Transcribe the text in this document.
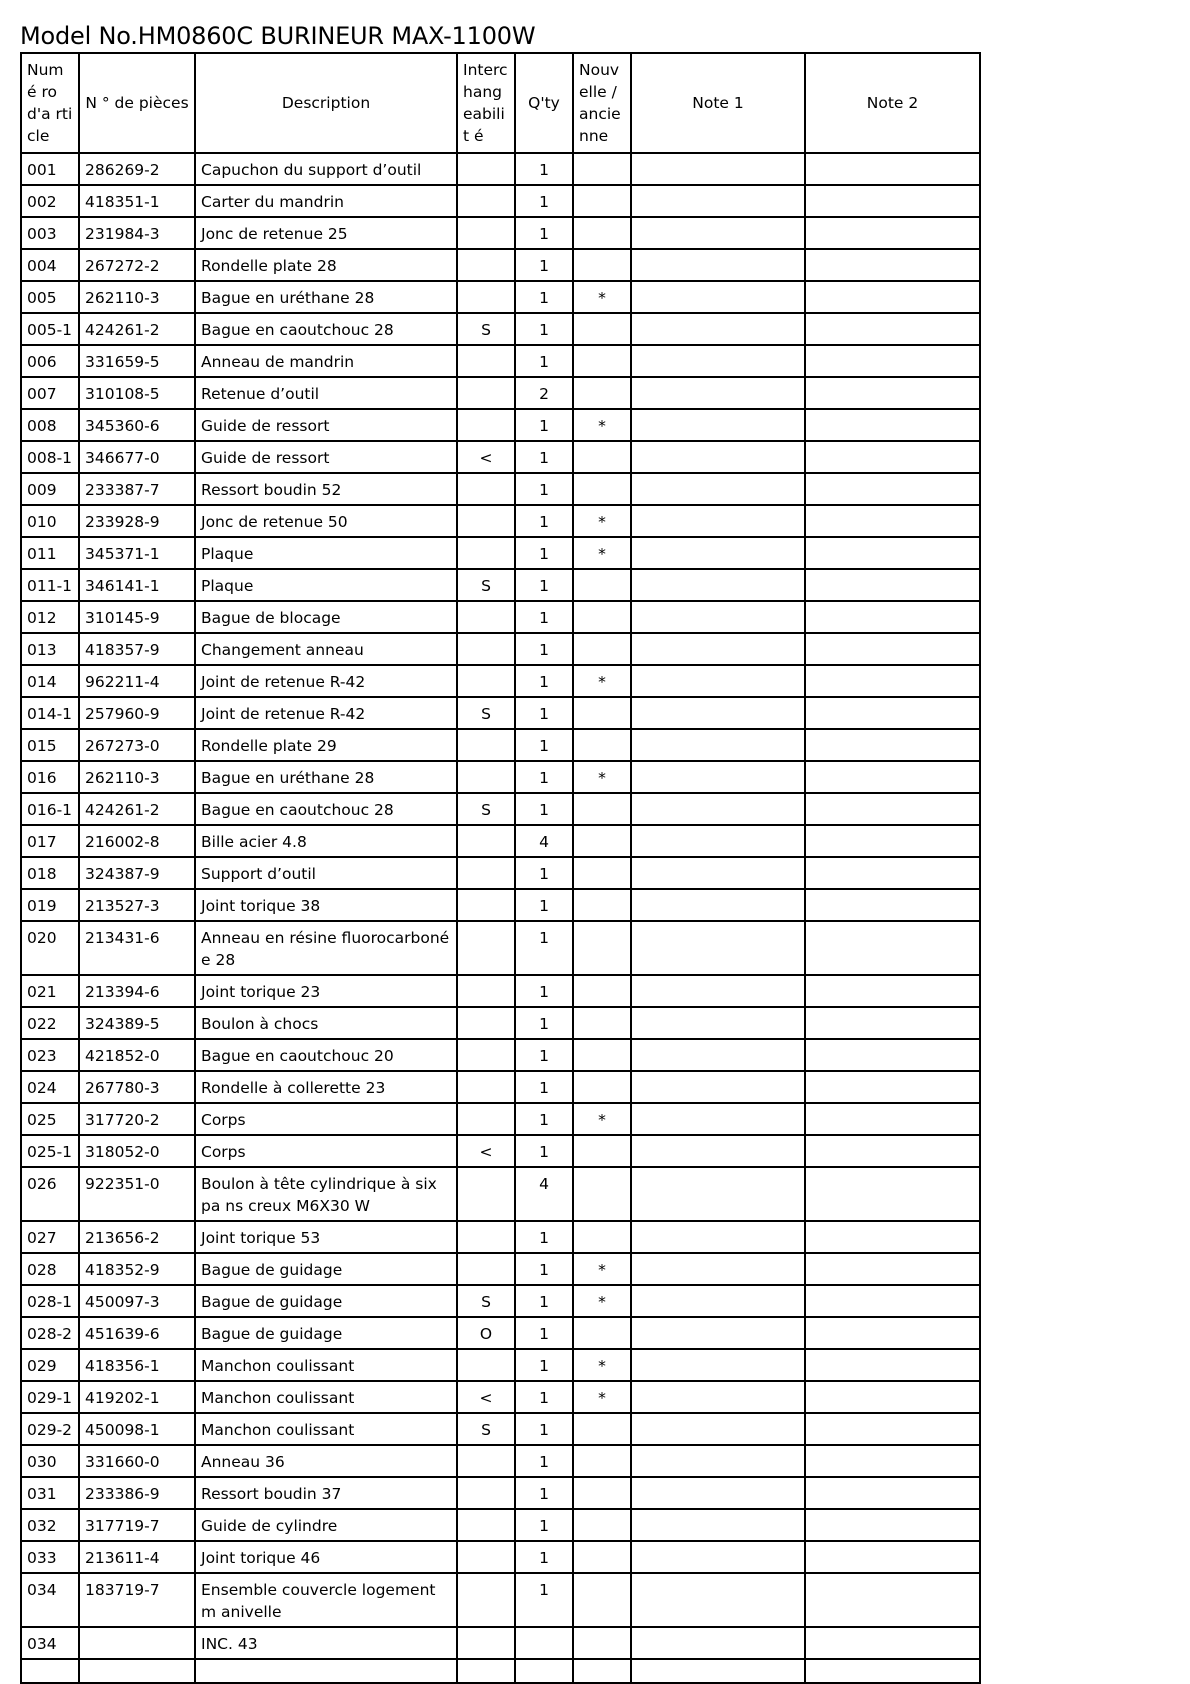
Model No.HM0860C BURINEUR MAX-1100W
Numé ro d'a rticle	N ° de pièces	Description	Interc hang eabilit é	Q'ty	Nouv elle / ancie nne	Note 1	Note 2
001	286269-2	Capuchon du support d’outil		1			
002	418351-1	Carter du mandrin		1			
003	231984-3	Jonc de retenue 25		1			
004	267272-2	Rondelle plate 28		1			
005	262110-3	Bague en uréthane 28		1	*		
005-1	424261-2	Bague en caoutchouc 28	S	1			
006	331659-5	Anneau de mandrin		1			
007	310108-5	Retenue d’outil		2			
008	345360-6	Guide de ressort		1	*		
008-1	346677-0	Guide de ressort	<	1			
009	233387-7	Ressort boudin 52		1			
010	233928-9	Jonc de retenue 50		1	*		
011	345371-1	Plaque		1	*		
011-1	346141-1	Plaque	S	1			
012	310145-9	Bague de blocage		1			
013	418357-9	Changement anneau		1			
014	962211-4	Joint de retenue R-42		1	*		
014-1	257960-9	Joint de retenue R-42	S	1			
015	267273-0	Rondelle plate 29		1			
016	262110-3	Bague en uréthane 28		1	*		
016-1	424261-2	Bague en caoutchouc 28	S	1			
017	216002-8	Bille acier 4.8		4			
018	324387-9	Support d’outil		1			
019	213527-3	Joint torique 38		1			
020	213431-6	Anneau en résine fluorocarboné e 28		1			
021	213394-6	Joint torique 23		1			
022	324389-5	Boulon à chocs		1			
023	421852-0	Bague en caoutchouc 20		1			
024	267780-3	Rondelle à collerette 23		1			
025	317720-2	Corps		1	*		
025-1	318052-0	Corps	<	1			
026	922351-0	Boulon à tête cylindrique à six pa ns creux M6X30 W		4			
027	213656-2	Joint torique 53		1			
028	418352-9	Bague de guidage		1	*		
028-1	450097-3	Bague de guidage	S	1	*		
028-2	451639-6	Bague de guidage	O	1			
029	418356-1	Manchon coulissant		1	*		
029-1	419202-1	Manchon coulissant	<	1	*		
029-2	450098-1	Manchon coulissant	S	1			
030	331660-0	Anneau 36		1			
031	233386-9	Ressort boudin 37		1			
032	317719-7	Guide de cylindre		1			
033	213611-4	Joint torique 46		1			
034	183719-7	Ensemble couvercle logement m anivelle		1			
034		INC. 43					
